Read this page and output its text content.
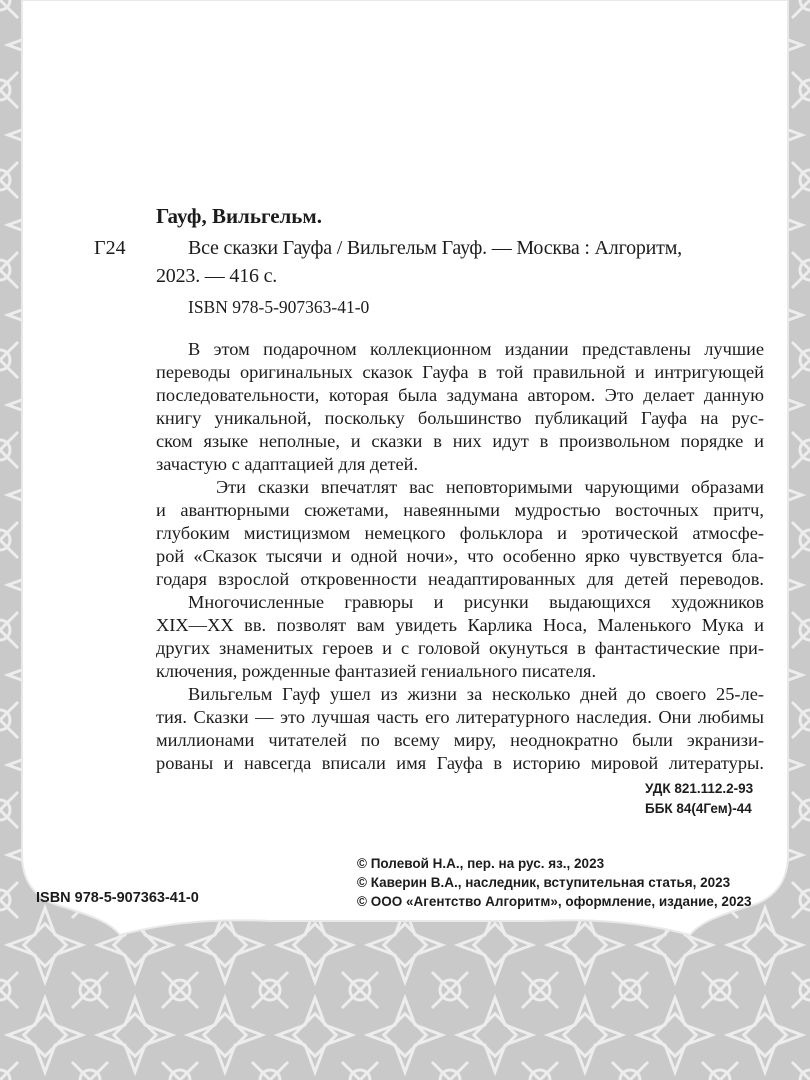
Гауф, Вильгельм.
Г24	Все сказки Гауфа / Вильгельм Гауф. — Москва : Алгоритм,
2023. — 416 с.
ISBN 978-5-907363-41-0
В этом подарочном коллекционном издании представлены лучшие
переводы оригинальных сказок Гауфа в той правильной и интригующей
последовательности, которая была задумана автором. Это делает данную
книгу уникальной, поскольку большинство публикаций Гауфа на рус-
ском языке неполные, и сказки в них идут в произвольном порядке и
зачастую с адаптацией для детей.
Эти сказки впечатлят вас неповторимыми чарующими образами
и авантюрными сюжетами, навеянными мудростью восточных притч,
глубоким мистицизмом немецкого фольклора и эротической атмосфе-
рой «Сказок тысячи и одной ночи», что особенно ярко чувствуется бла-
годаря взрослой откровенности неадаптированных для детей переводов.
Многочисленные гравюры и рисунки выдающихся художников
XIX—XX вв. позволят вам увидеть Карлика Носа, Маленького Мука и
других знаменитых героев и с головой окунуться в фантастические при-
ключения, рожденные фантазией гениального писателя.
Вильгельм Гауф ушел из жизни за несколько дней до своего 25-ле-
тия. Сказки — это лучшая часть его литературного наследия. Они любимы
миллионами читателей по всему миру, неоднократно были экранизи-
рованы и навсегда вписали имя Гауфа в историю мировой литературы.
УДК 821.112.2-93
ББК 84(4Гем)-44
© Полевой Н.А., пер. на рус. яз., 2023
© Каверин В.А., наследник, вступительная статья, 2023
© ООО «Агентство Алгоритм», оформление, издание, 2023
ISBN 978-5-907363-41-0
